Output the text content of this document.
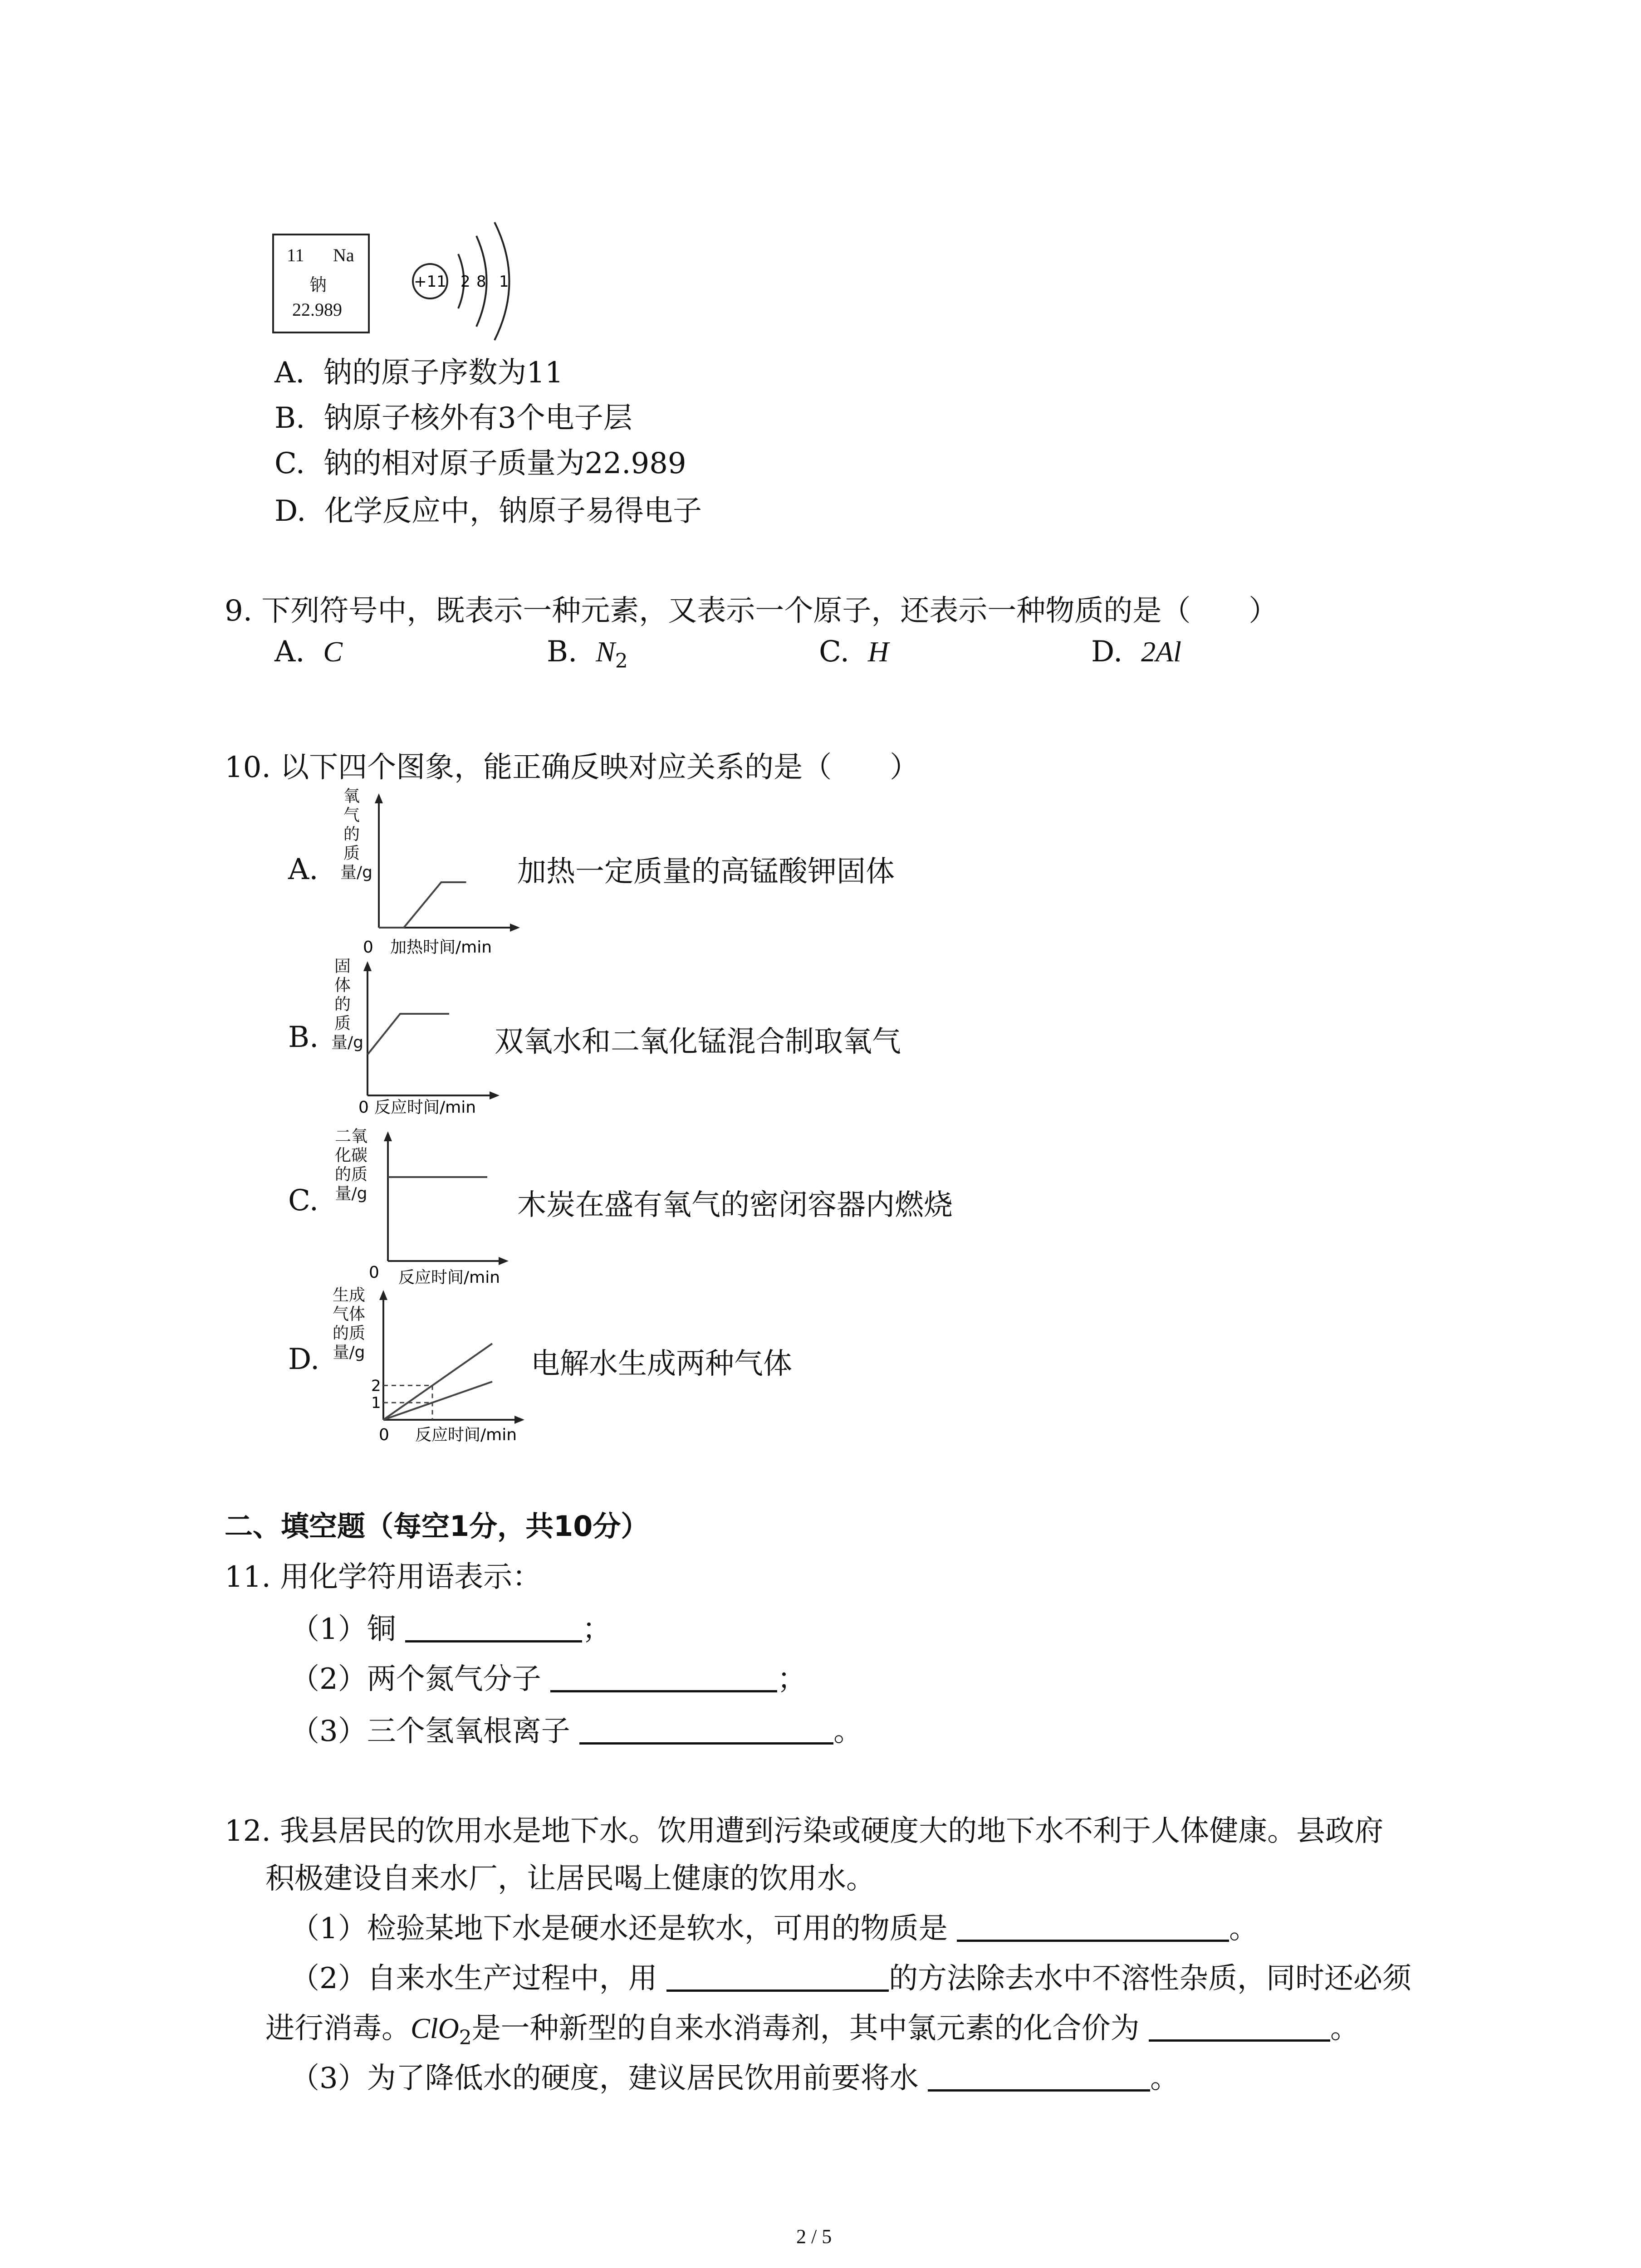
11 Na
钠
22.989
+11 2 8 1
A. 钠的原子序数为11
B. 钠原子核外有3个电子层
C. 钠的相对原子质量为22.989
D. 化学反应中，钠原子易得电子
9. 下列符号中，既表示一种元素，又表示一个原子，还表示一种物质的是（　　）
A. C	B. $N_2$	C. H	D. 2Al
10. 以下四个图象，能正确反映对应关系的是（　　）
A.
0 加热时间/min
氧气的质量/g	加热一定质量的高锰酸钾固体
B.
0 反应时间/min
固体的质量/g	双氧水和二氧化锰混合制取氧气
C.
0 反应时间/min
二氧化碳的质量/g	木炭在盛有氧气的密闭容器内燃烧
D.
1
2
0 反应时间/min
生成气体的质量/g	电解水生成两种气体
二、填空题（每空1分，共10分）
11. 用化学符用语表示：
（1）铜	；
（2）两个氮气分子	；
（3）三个氢氧根离子	。
12. 我县居民的饮用水是地下水。饮用遭到污染或硬度大的地下水不利于人体健康。县政府
积极建设自来水厂，让居民喝上健康的饮用水。
（1）检验某地下水是硬水还是软水，可用的物质是	。
（2）自来水生产过程中，用	的方法除去水中不溶性杂质，同时还必须
进行消毒。ClO$_2$是一种新型的自来水消毒剂，其中氯元素的化合价为	。
（3）为了降低水的硬度，建议居民饮用前要将水	。
2 / 5
